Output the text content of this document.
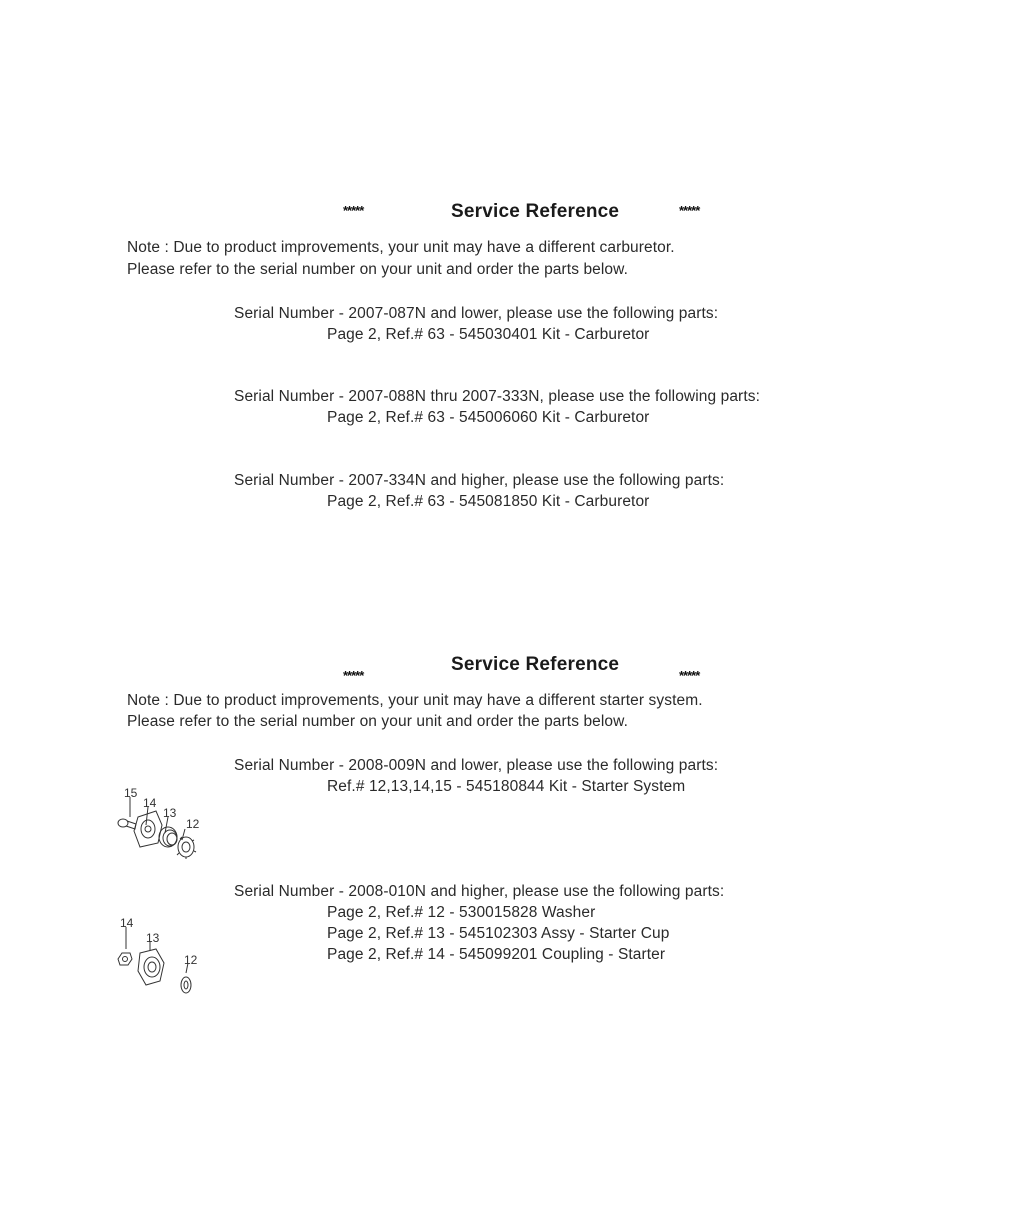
*****	Service Reference	*****
Note : Due to product improvements, your unit may have a different carburetor.
Please refer to the serial number on your unit and order the parts below.
Serial Number - 2007-087N and lower, please use the following parts:
Page 2, Ref.# 63 - 545030401 Kit - Carburetor
Serial Number - 2007-088N thru 2007-333N, please use the following parts:
Page 2, Ref.# 63 - 545006060 Kit - Carburetor
Serial Number - 2007-334N and higher, please use the following parts:
Page 2, Ref.# 63 - 545081850 Kit - Carburetor
*****
Service Reference
*****
Note : Due to product improvements, your unit may have a different starter system.
Please refer to the serial number on your unit and order the parts below.
Serial Number - 2008-009N and lower, please use the following parts:
Ref.# 12,13,14,15 - 545180844 Kit - Starter System
Serial Number - 2008-010N and higher, please use the following parts:
Page 2, Ref.# 12 - 530015828 Washer
Page 2, Ref.# 13 - 545102303 Assy - Starter Cup
Page 2, Ref.# 14 - 545099201 Coupling - Starter
15
14
13
12
14
13
12
